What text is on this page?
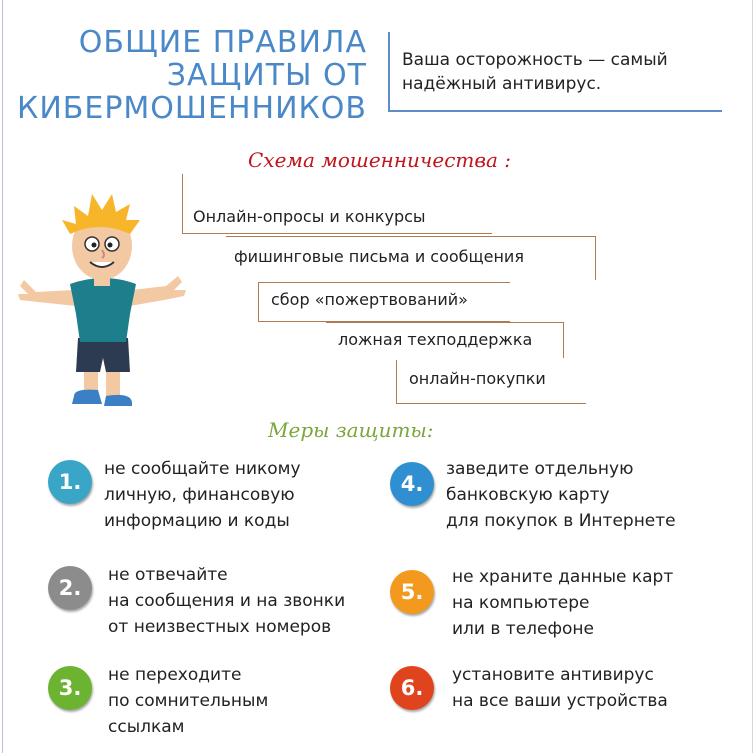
ОБЩИЕ ПРАВИЛА
ЗАЩИТЫ ОТ
КИБЕРМОШЕННИКОВ
Ваша осторожность — самый надёжный антивирус.
Схема мошенничества :
Онлайн-опросы и конкурсы
фишинговые письма и сообщения
сбор «пожертвований»
ложная техподдержка
онлайн-покупки
Меры защиты:
1.
не сообщайте никому
личную, финансовую
информацию и коды
2.
не отвечайте
на сообщения и на звонки
от неизвестных номеров
3.
не переходите
по сомнительным
ссылкам
4.
заведите отдельную
банковскую карту
для покупок в Интернете
5.
не храните данные карт
на компьютере
или в телефоне
6.
установите антивирус
на все ваши устройства
